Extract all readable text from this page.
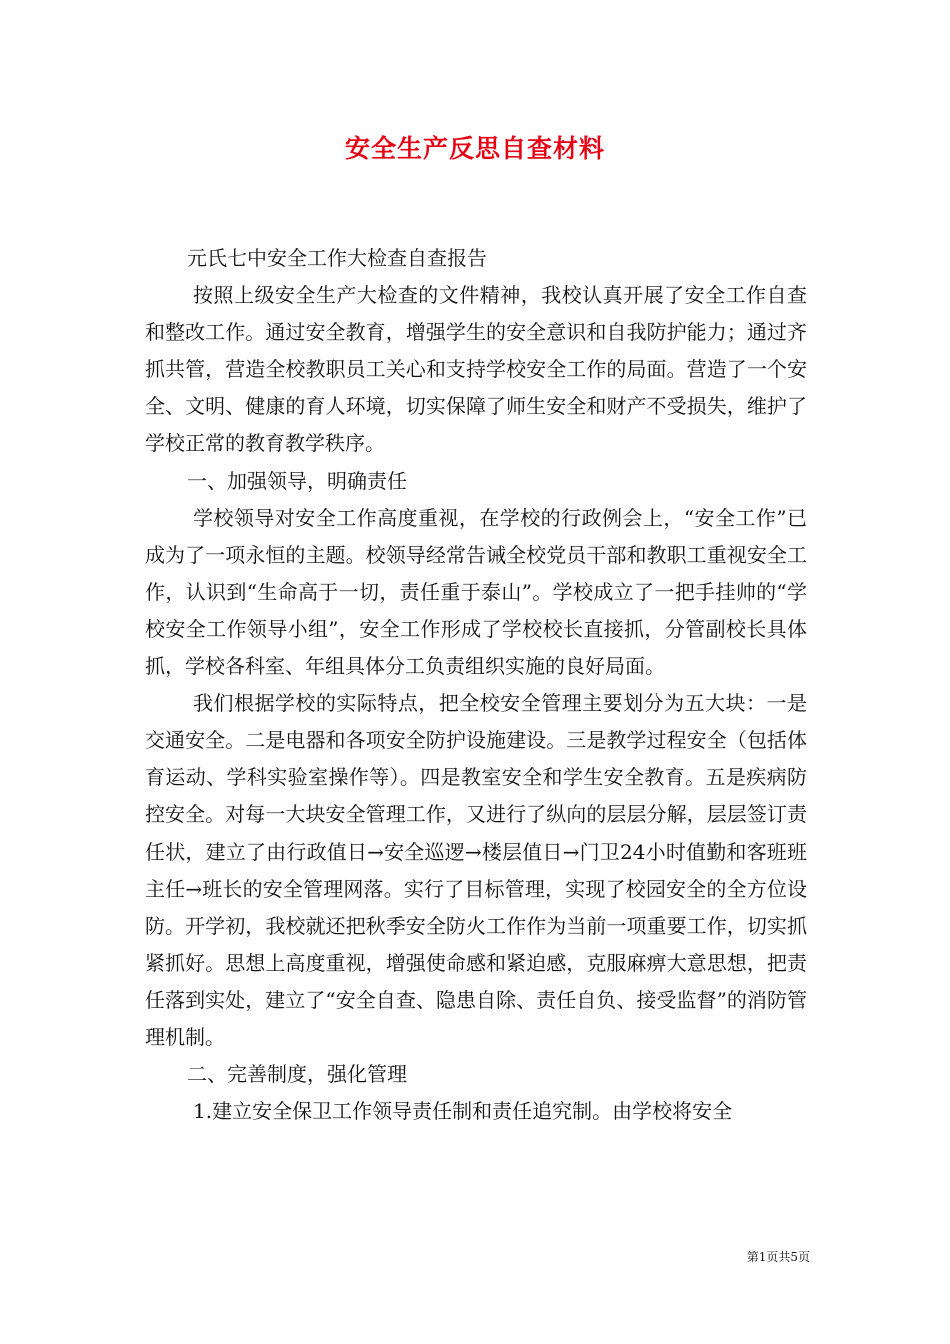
安全生产反思自查材料

元氏七中安全工作大检查自查报告

按照上级安全生产大检查的文件精神，我校认真开展了安全工作自查和整改工作。通过安全教育，增强学生的安全意识和自我防护能力；通过齐抓共管，营造全校教职员工关心和支持学校安全工作的局面。营造了一个安全、文明、健康的育人环境，切实保障了师生安全和财产不受损失，维护了学校正常的教育教学秩序。

一、加强领导，明确责任

学校领导对安全工作高度重视，在学校的行政例会上，“安全工作”已成为了一项永恒的主题。校领导经常告诫全校党员干部和教职工重视安全工作，认识到“生命高于一切，责任重于泰山”。学校成立了一把手挂帅的“学校安全工作领导小组”，安全工作形成了学校校长直接抓，分管副校长具体抓，学校各科室、年组具体分工负责组织实施的良好局面。

我们根据学校的实际特点，把全校安全管理主要划分为五大块：一是交通安全。二是电器和各项安全防护设施建设。三是教学过程安全（包括体育运动、学科实验室操作等）。四是教室安全和学生安全教育。五是疾病防控安全。对每一大块安全管理工作，又进行了纵向的层层分解，层层签订责任状，建立了由行政值日→安全巡逻→楼层值日→门卫24小时值勤和客班班主任→班长的安全管理网落。实行了目标管理，实现了校园安全的全方位设防。开学初，我校就还把秋季安全防火工作作为当前一项重要工作，切实抓紧抓好。思想上高度重视，增强使命感和紧迫感，克服麻痹大意思想，把责任落到实处，建立了“安全自查、隐患自除、责任自负、接受监督”的消防管理机制。

二、完善制度，强化管理

1.建立安全保卫工作领导责任制和责任追究制。由学校将安全

第1页共5页
